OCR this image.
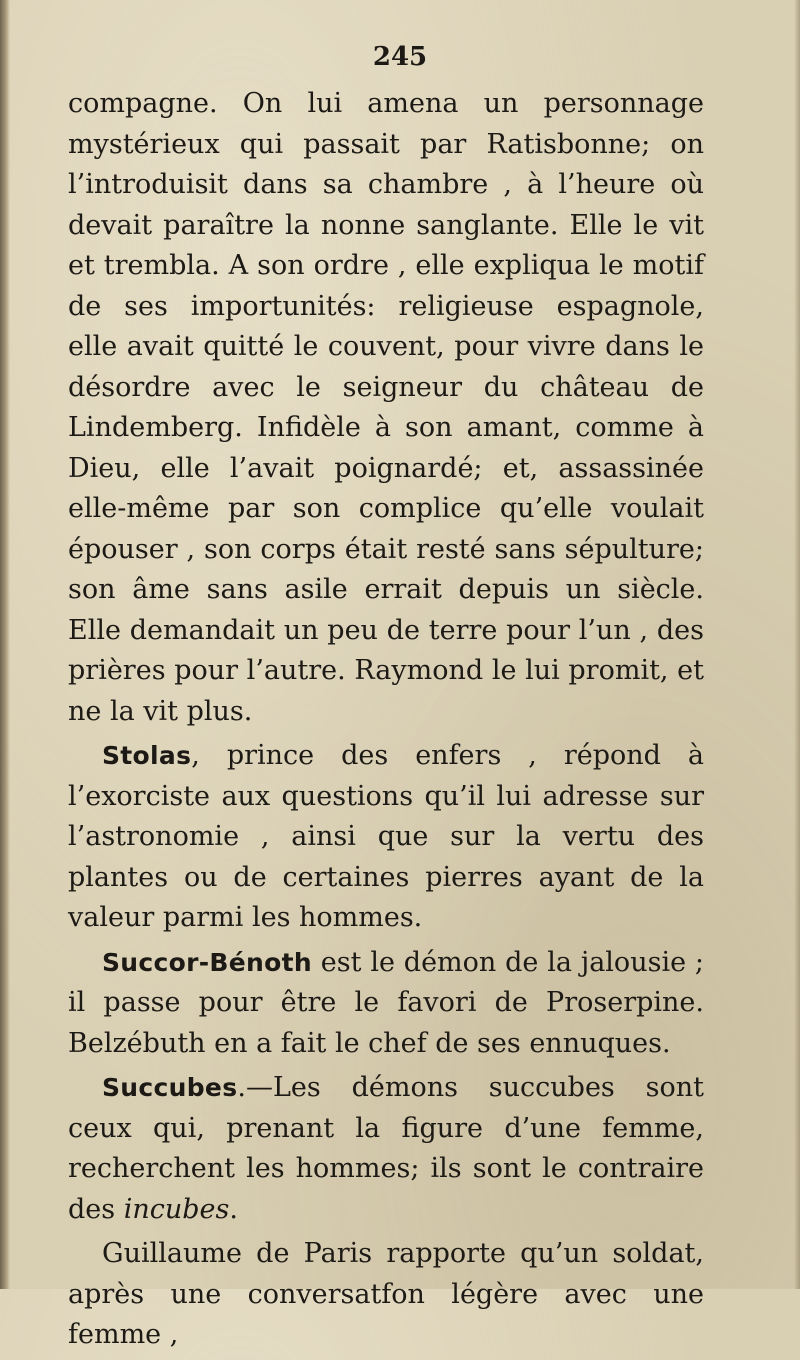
245

compagne. On lui amena un personnage mystérieux qui passait par Ratisbonne; on l’introduisit dans sa chambre , à l’heure où devait paraître la nonne sanglante. Elle le vit et trembla. A son ordre , elle expliqua le motif de ses importunités: religieuse espagnole, elle avait quitté le couvent, pour vivre dans le désordre avec le seigneur du château de Lindemberg. Infidèle à son amant, comme à Dieu, elle l’avait poignardé; et, assassinée elle-même par son complice qu’elle voulait épouser , son corps était resté sans sépulture; son âme sans asile errait depuis un siècle. Elle demandait un peu de terre pour l’un , des prières pour l’autre. Raymond le lui promit, et ne la vit plus.

Stolas, prince des enfers , répond à l’exorciste aux questions qu’il lui adresse sur l’astronomie , ainsi que sur la vertu des plantes ou de certaines pierres ayant de la valeur parmi les hommes.

Succor-Bénoth est le démon de la jalousie ; il passe pour être le favori de Proserpine. Belzébuth en a fait le chef de ses ennuques.

Succubes.—Les démons succubes sont ceux qui, prenant la figure d’une femme, recherchent les hommes; ils sont le contraire des incubes.

Guillaume de Paris rapporte qu’un soldat, après une conversatfon légère avec une femme ,
